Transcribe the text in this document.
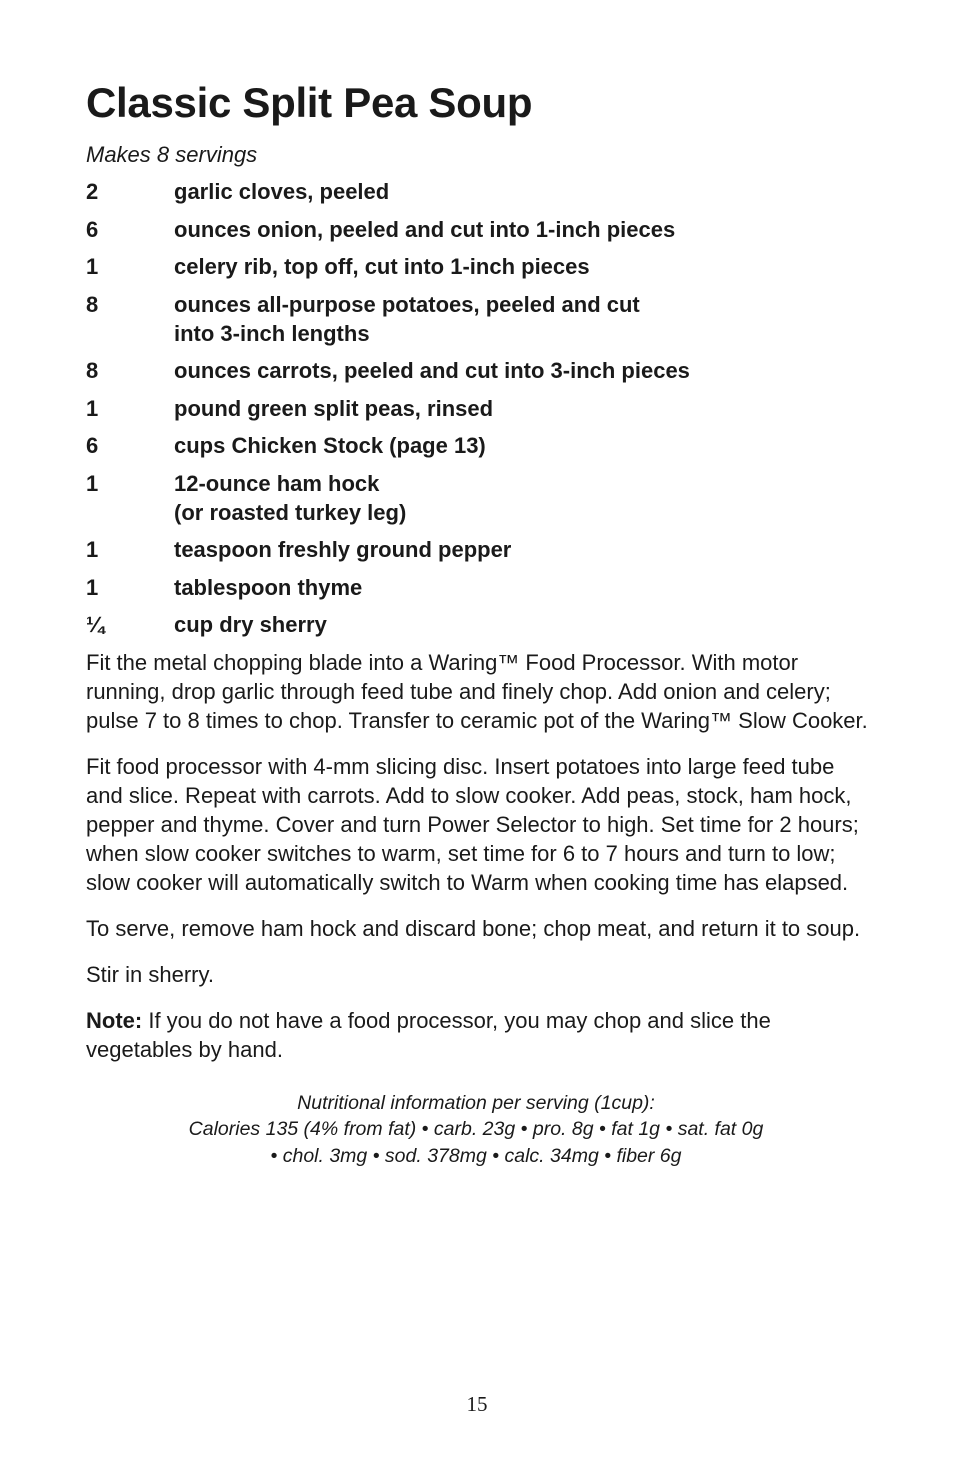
Classic Split Pea Soup

Makes 8 servings

2	garlic cloves, peeled
6	ounces onion, peeled and cut into 1-inch pieces
1	celery rib, top off, cut into 1-inch pieces
8	ounces all-purpose potatoes, peeled and cut
into 3-inch lengths
8	ounces carrots, peeled and cut into 3-inch pieces
1	pound green split peas, rinsed
6	cups Chicken Stock (page 13)
1	12-ounce ham hock
(or roasted turkey leg)
1	teaspoon freshly ground pepper
1	tablespoon thyme
¼	cup dry sherry

Fit the metal chopping blade into a Waring™ Food Processor. With motor running, drop garlic through feed tube and finely chop. Add onion and celery; pulse 7 to 8 times to chop. Transfer to ceramic pot of the Waring™ Slow Cooker.

Fit food processor with 4-mm slicing disc. Insert potatoes into large feed tube and slice. Repeat with carrots. Add to slow cooker. Add peas, stock, ham hock, pepper and thyme. Cover and turn Power Selector to high. Set time for 2 hours; when slow cooker switches to warm, set time for 6 to 7 hours and turn to low; slow cooker will automatically switch to Warm when cooking time has elapsed.

To serve, remove ham hock and discard bone; chop meat, and return it to soup.

Stir in sherry.

Note: If you do not have a food processor, you may chop and slice the vegetables by hand.

Nutritional information per serving (1cup):
Calories 135 (4% from fat) • carb. 23g • pro. 8g • fat 1g • sat. fat 0g
• chol. 3mg • sod. 378mg • calc. 34mg • fiber 6g
15
